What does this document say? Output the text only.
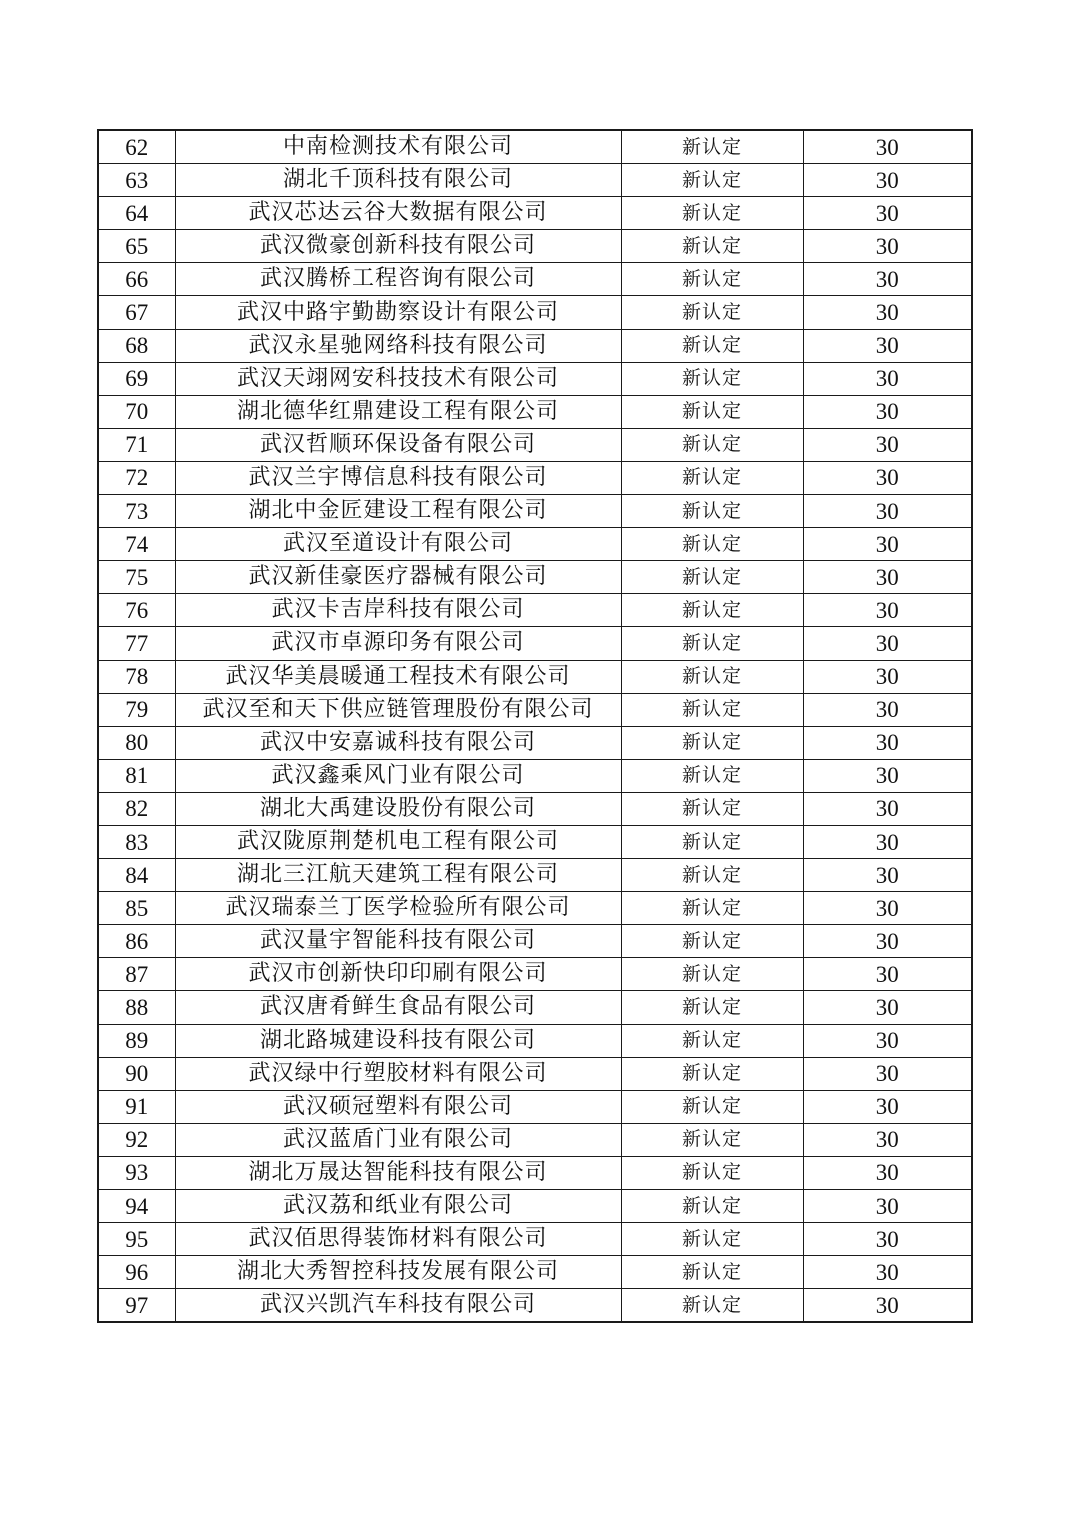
62	中南检测技术有限公司	新认定	30
63	湖北千顶科技有限公司	新认定	30
64	武汉芯达云谷大数据有限公司	新认定	30
65	武汉微豪创新科技有限公司	新认定	30
66	武汉腾桥工程咨询有限公司	新认定	30
67	武汉中路宇勤勘察设计有限公司	新认定	30
68	武汉永星驰网络科技有限公司	新认定	30
69	武汉天翊网安科技技术有限公司	新认定	30
70	湖北德华红鼎建设工程有限公司	新认定	30
71	武汉哲顺环保设备有限公司	新认定	30
72	武汉兰宇博信息科技有限公司	新认定	30
73	湖北中金匠建设工程有限公司	新认定	30
74	武汉至道设计有限公司	新认定	30
75	武汉新佳豪医疗器械有限公司	新认定	30
76	武汉卡吉岸科技有限公司	新认定	30
77	武汉市卓源印务有限公司	新认定	30
78	武汉华美晨暖通工程技术有限公司	新认定	30
79	武汉至和天下供应链管理股份有限公司	新认定	30
80	武汉中安嘉诚科技有限公司	新认定	30
81	武汉鑫乘风门业有限公司	新认定	30
82	湖北大禹建设股份有限公司	新认定	30
83	武汉陇原荆楚机电工程有限公司	新认定	30
84	湖北三江航天建筑工程有限公司	新认定	30
85	武汉瑞泰兰丁医学检验所有限公司	新认定	30
86	武汉量宇智能科技有限公司	新认定	30
87	武汉市创新快印印刷有限公司	新认定	30
88	武汉唐肴鲜生食品有限公司	新认定	30
89	湖北路城建设科技有限公司	新认定	30
90	武汉绿中行塑胶材料有限公司	新认定	30
91	武汉硕冠塑料有限公司	新认定	30
92	武汉蓝盾门业有限公司	新认定	30
93	湖北万晟达智能科技有限公司	新认定	30
94	武汉荔和纸业有限公司	新认定	30
95	武汉佰思得装饰材料有限公司	新认定	30
96	湖北大秀智控科技发展有限公司	新认定	30
97	武汉兴凯汽车科技有限公司	新认定	30
